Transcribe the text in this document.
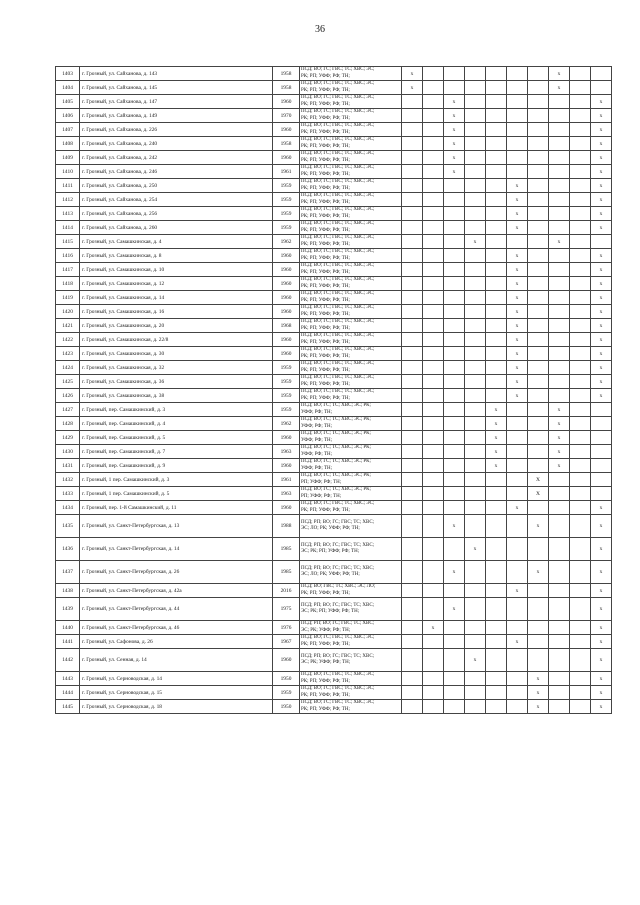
36
1403	г. Грозный, ул. Сайханова, д. 143	1958	ПСД; ВО; ГС; ГВС; ТС; ХВС; ЭС;
РК; РП; УФФ; РФ; ТН;	x							x		
1404	г. Грозный, ул. Сайханова, д. 145	1958	ПСД; ВО; ГС; ГВС; ТС; ХВС; ЭС;
РК; РП; УФФ; РФ; ТН;	x							x		
1405	г. Грозный, ул. Сайханова, д. 147	1960	ПСД; ВО; ГС; ГВС; ТС; ХВС; ЭС;
РК; РП; УФФ; РФ; ТН;			x							x
1406	г. Грозный, ул. Сайханова, д. 149	1970	ПСД; ВО; ГС; ГВС; ТС; ХВС; ЭС;
РК; РП; УФФ; РФ; ТН;			x							x
1407	г. Грозный, ул. Сайханова, д. 226	1960	ПСД; ВО; ГС; ГВС; ТС; ХВС; ЭС;
РК; РП; УФФ; РФ; ТН;			x							x
1408	г. Грозный, ул. Сайханова, д. 240	1958	ПСД; ВО; ГС; ГВС; ТС; ХВС; ЭС;
РК; РП; УФФ; РФ; ТН;			x							x
1409	г. Грозный, ул. Сайханова, д. 242	1960	ПСД; ВО; ГС; ГВС; ТС; ХВС; ЭС;
РК; РП; УФФ; РФ; ТН;			x							x
1410	г. Грозный, ул. Сайханова, д. 246	1961	ПСД; ВО; ГС; ГВС; ТС; ХВС; ЭС;
РК; РП; УФФ; РФ; ТН;			x							x
1411	г. Грозный, ул. Сайханова, д. 250	1959	ПСД; ВО; ГС; ГВС; ТС; ХВС; ЭС;
РК; РП; УФФ; РФ; ТН;						x				x
1412	г. Грозный, ул. Сайханова, д. 254	1959	ПСД; ВО; ГС; ГВС; ТС; ХВС; ЭС;
РК; РП; УФФ; РФ; ТН;						x				x
1413	г. Грозный, ул. Сайханова, д. 256	1959	ПСД; ВО; ГС; ГВС; ТС; ХВС; ЭС;
РК; РП; УФФ; РФ; ТН;						x				x
1414	г. Грозный, ул. Сайханова, д. 260	1959	ПСД; ВО; ГС; ГВС; ТС; ХВС; ЭС;
РК; РП; УФФ; РФ; ТН;						x				x
1415	г. Грозный, ул. Самашкинская, д. 4	1962	ПСД; ВО; ГС; ГВС; ТС; ХВС; ЭС;
РК; РП; УФФ; РФ; ТН;				x				x		
1416	г. Грозный, ул. Самашкинская, д. 8	1960	ПСД; ВО; ГС; ГВС; ТС; ХВС; ЭС;
РК; РП; УФФ; РФ; ТН;						x				x
1417	г. Грозный, ул. Самашкинская, д. 10	1960	ПСД; ВО; ГС; ГВС; ТС; ХВС; ЭС;
РК; РП; УФФ; РФ; ТН;						x				x
1418	г. Грозный, ул. Самашкинская, д. 12	1960	ПСД; ВО; ГС; ГВС; ТС; ХВС; ЭС;
РК; РП; УФФ; РФ; ТН;						x				x
1419	г. Грозный, ул. Самашкинская, д. 14	1960	ПСД; ВО; ГС; ГВС; ТС; ХВС; ЭС;
РК; РП; УФФ; РФ; ТН;						x				x
1420	г. Грозный, ул. Самашкинская, д. 16	1960	ПСД; ВО; ГС; ГВС; ТС; ХВС; ЭС;
РК; РП; УФФ; РФ; ТН;						x				x
1421	г. Грозный, ул. Самашкинская, д. 20	1968	ПСД; ВО; ГС; ГВС; ТС; ХВС; ЭС;
РК; РП; УФФ; РФ; ТН;						x				x
1422	г. Грозный, ул. Самашкинская, д. 22/8	1960	ПСД; ВО; ГС; ГВС; ТС; ХВС; ЭС;
РК; РП; УФФ; РФ; ТН;						x				x
1423	г. Грозный, ул. Самашкинская, д. 30	1960	ПСД; ВО; ГС; ГВС; ТС; ХВС; ЭС;
РК; РП; УФФ; РФ; ТН;						x				x
1424	г. Грозный, ул. Самашкинская, д. 32	1959	ПСД; ВО; ГС; ГВС; ТС; ХВС; ЭС;
РК; РП; УФФ; РФ; ТН;						x				x
1425	г. Грозный, ул. Самашкинская, д. 36	1959	ПСД; ВО; ГС; ГВС; ТС; ХВС; ЭС;
РК; РП; УФФ; РФ; ТН;						x				x
1426	г. Грозный, ул. Самашкинская, д. 38	1959	ПСД; ВО; ГС; ГВС; ТС; ХВС; ЭС;
РК; РП; УФФ; РФ; ТН;						x				x
1427	г. Грозный, пер. Самашкинский, д. 3	1959	ПСД; ВО; ГС; ТС; ХВС; ЭС; РК;
УФФ; РФ; ТН;					x			x		
1428	г. Грозный, пер. Самашкинский, д. 4	1962	ПСД; ВО; ГС; ТС; ХВС; ЭС; РК;
УФФ; РФ; ТН;					x			x		
1429	г. Грозный, пер. Самашкинский, д. 5	1960	ПСД; ВО; ГС; ТС; ХВС; ЭС; РК;
УФФ; РФ; ТН;					x			x		
1430	г. Грозный, пер. Самашкинский, д. 7	1963	ПСД; ВО; ГС; ТС; ХВС; ЭС; РК;
УФФ; РФ; ТН;					x			x		
1431	г. Грозный, пер. Самашкинский, д. 9	1960	ПСД; ВО; ГС; ТС; ХВС; ЭС; РК;
УФФ; РФ; ТН;					x			x		
1432	г. Грозный, 1 пер. Самашкинский, д. 3	1961	ПСД; ВО; ГС; ТС; ХВС; ЭС; РК;
РП; УФФ; РФ; ТН;							X			
1433	г. Грозный, 1 пер. Самашкинский, д. 5	1963	ПСД; ВО; ГС; ТС; ХВС; ЭС; РК;
РП; УФФ; РФ; ТН;							X			
1434	г. Грозный, пер. 1-й Самашкинский, д. 11	1960	ПСД; ВО; ГС; ГВС; ТС; ХВС; ЭС;
РК; РП; УФФ; РФ; ТН;						x				x
1435	г. Грозный, ул. Санкт-Петербургская, д. 13	1988	ПСД; РП; ВО; ГС; ГВС; ТС; ХВС;
ЭС; ЛО; РК; УФФ; РФ; ТН;			x				x			x
1436	г. Грозный, ул. Санкт-Петербургская, д. 14	1985	ПСД; РП; ВО; ГС; ГВС; ТС; ХВС;
ЭС; РК; РП; УФФ; РФ; ТН;				x						x
1437	г. Грозный, ул. Санкт-Петербургская, д. 26	1985	ПСД; РП; ВО; ГС; ГВС; ТС; ХВС;
ЭС; ЛО; РК; УФФ; РФ; ТН;			x				x			x
1438	г. Грозный, ул. Санкт-Петербургская, д. 42а	2016	ПСД; ВО; ГВС; ТС; ХВС; ЭС; ЛО;
РК; РП; УФФ; РФ; ТН;						x				x
1439	г. Грозный, ул. Санкт-Петербургская, д. 44	1975	ПСД; РП; ВО; ГС; ГВС; ТС; ХВС;
ЭС; РК; РП; УФФ; РФ; ТН;			x							x
1440	г. Грозный, ул. Санкт-Петербургская, д. 46	1976	ПСД; РП; ВО; ГС; ГВС; ТС; ХВС;
ЭС; РК; УФФ; РФ; ТН;		x								x
1441	г. Грозный, ул. Сафонова, д. 26	1967	ПСД; ВО; ГС; ГВС; ТС; ХВС; ЭС;
РК; РП; УФФ; РФ; ТН;						x				x
1442	г. Грозный, ул. Сенная, д. 14	1960	ПСД; РП; ВО; ГС; ГВС; ТС; ХВС;
ЭС; РК; УФФ; РФ; ТН;				x						x
1443	г. Грозный, ул. Серноводская, д. 14	1950	ПСД; ВО; ГС; ГВС; ТС; ХВС; ЭС;
РК; РП; УФФ; РФ; ТН;							x			x
1444	г. Грозный, ул. Серноводская, д. 15	1959	ПСД; ВО; ГС; ГВС; ТС; ХВС; ЭС;
РК; РП; УФФ; РФ; ТН;							x			x
1445	г. Грозный, ул. Серноводская, д. 18	1950	ПСД; ВО; ГС; ГВС; ТС; ХВС; ЭС;
РК; РП; УФФ; РФ; ТН;							x			x
